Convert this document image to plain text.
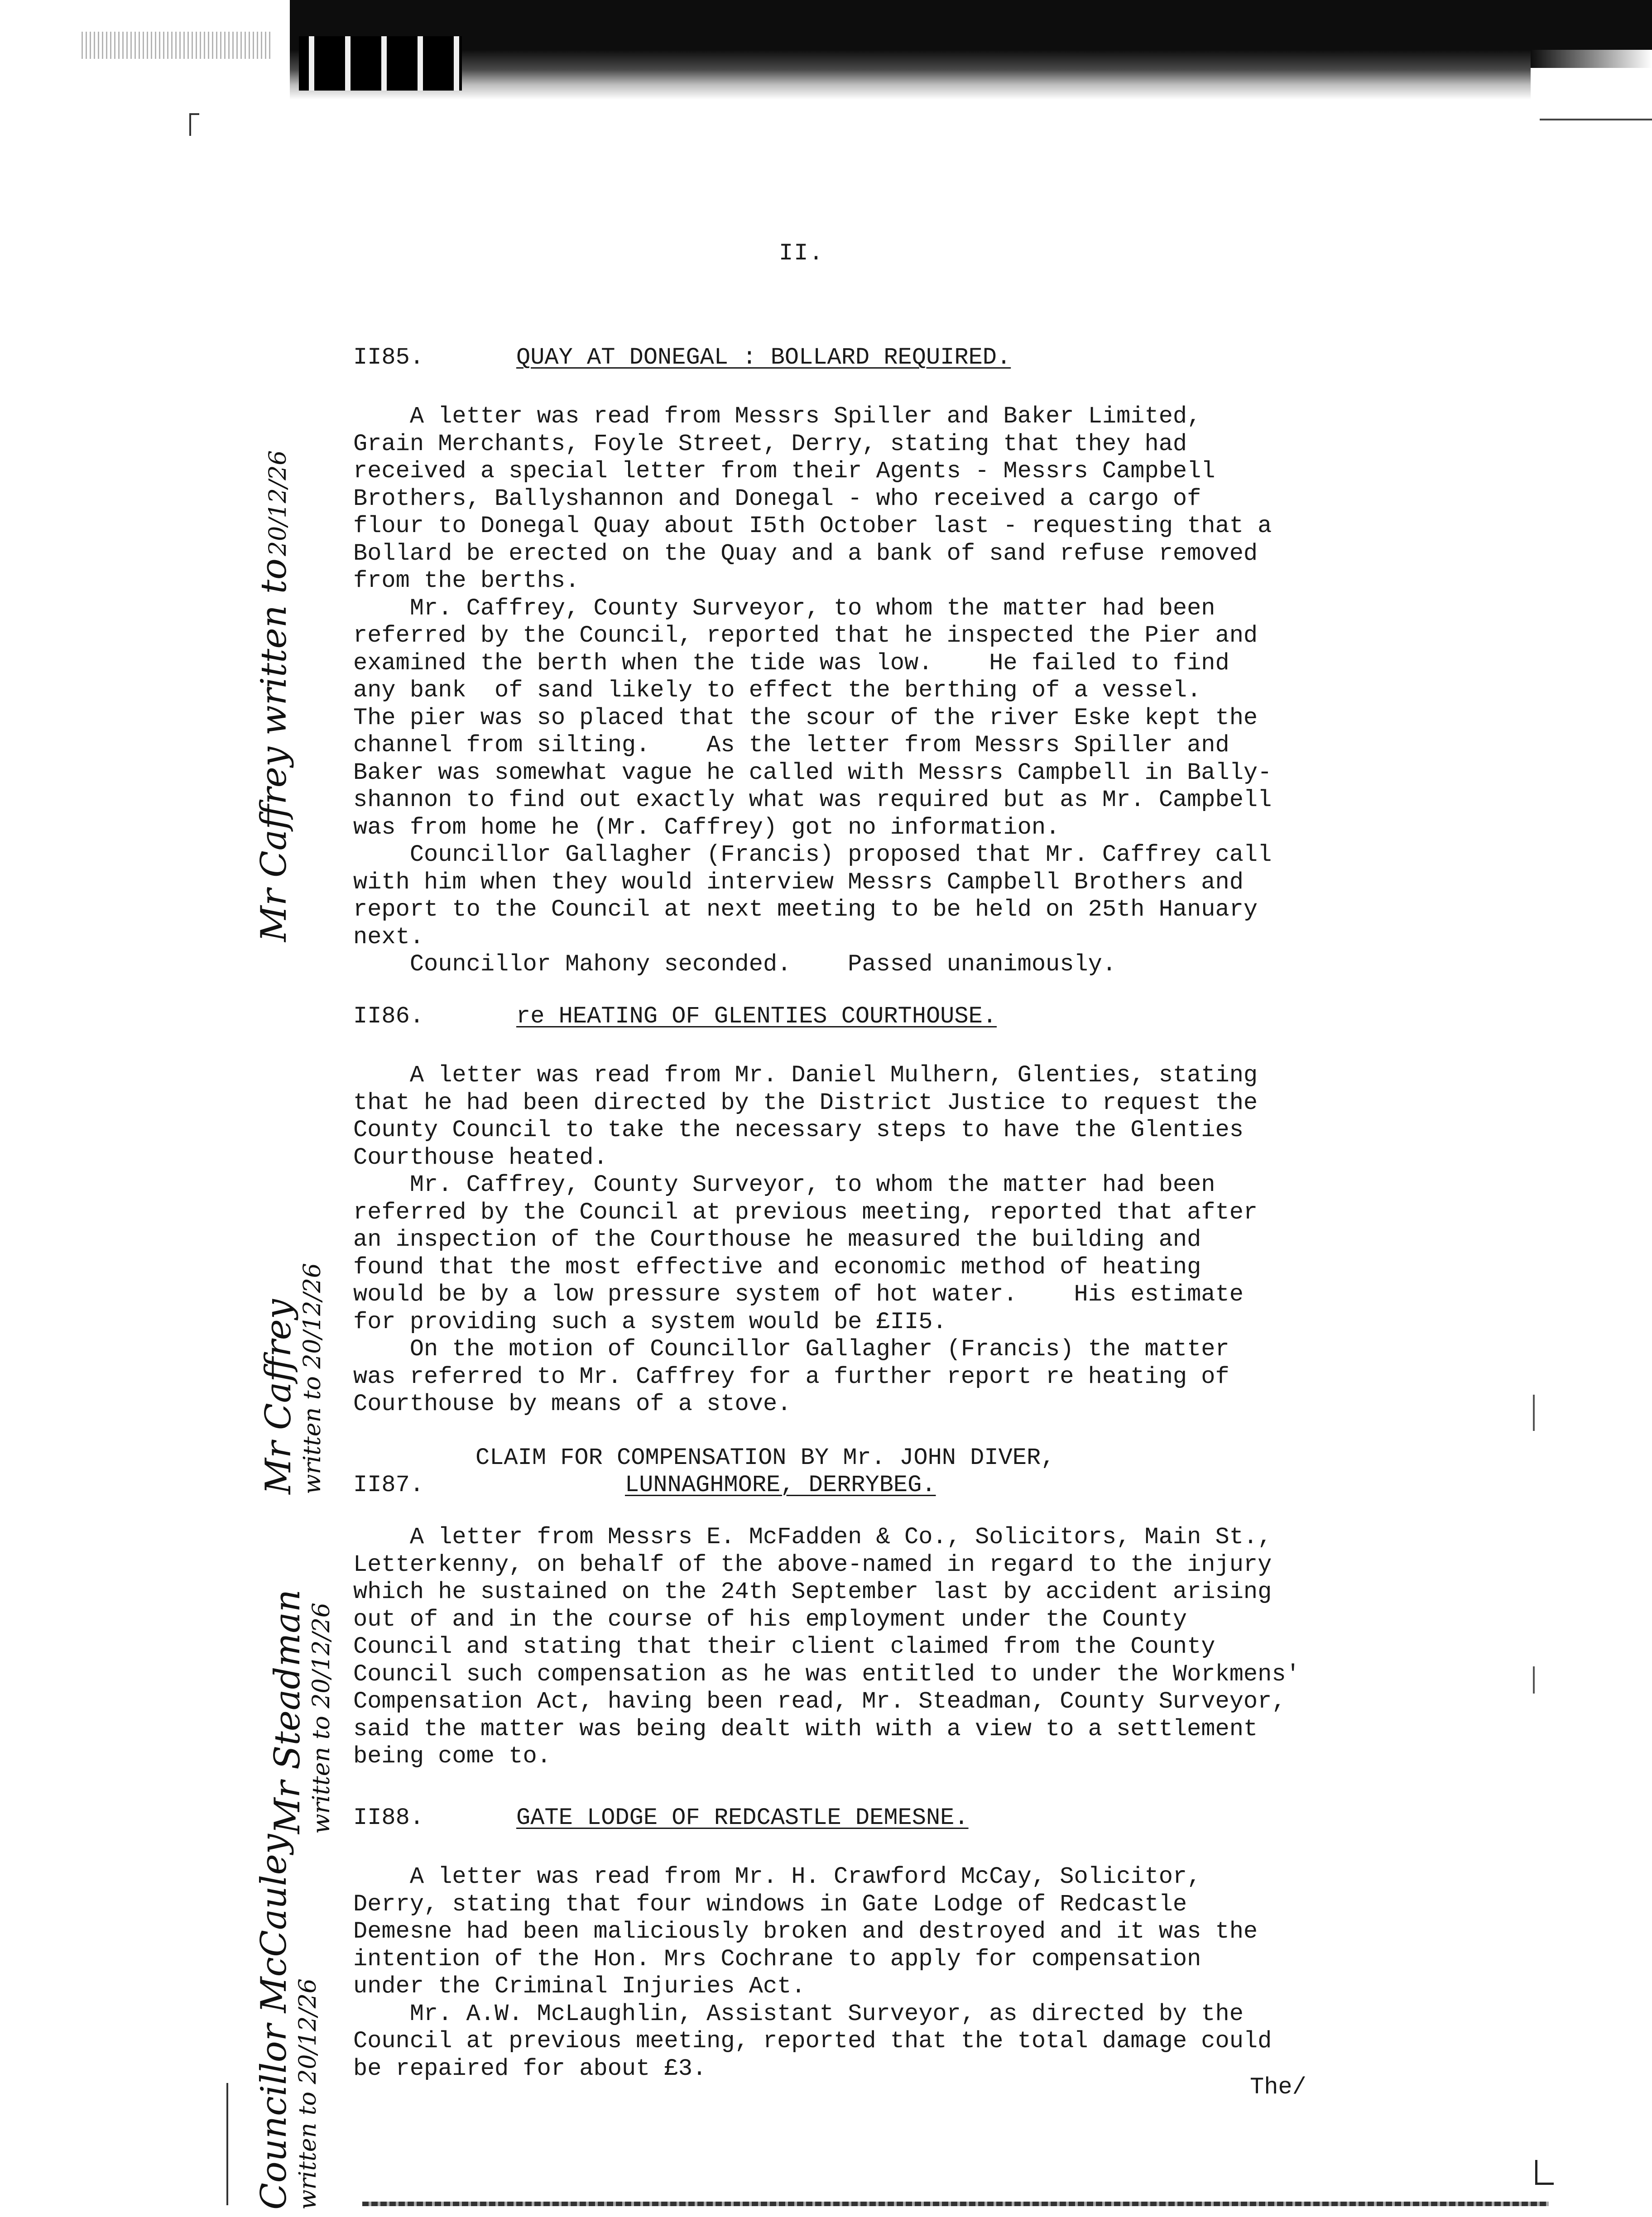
II.
II85.	QUAY AT DONEGAL : BOLLARD REQUIRED.
A letter was read from Messrs Spiller and Baker Limited,
Grain Merchants, Foyle Street, Derry, stating that they had
received a special letter from their Agents - Messrs Campbell
Brothers, Ballyshannon and Donegal - who received a cargo of
flour to Donegal Quay about I5th October last - requesting that a
Bollard be erected on the Quay and a bank of sand refuse removed
from the berths.
Mr. Caffrey, County Surveyor, to whom the matter had been
referred by the Council, reported that he inspected the Pier and
examined the berth when the tide was low.    He failed to find
any bank  of sand likely to effect the berthing of a vessel.
The pier was so placed that the scour of the river Eske kept the
channel from silting.    As the letter from Messrs Spiller and
Baker was somewhat vague he called with Messrs Campbell in Bally-
shannon to find out exactly what was required but as Mr. Campbell
was from home he (Mr. Caffrey) got no information.
Councillor Gallagher (Francis) proposed that Mr. Caffrey call
with him when they would interview Messrs Campbell Brothers and
report to the Council at next meeting to be held on 25th Hanuary
next.
Councillor Mahony seconded.    Passed unanimously.
II86.	re HEATING OF GLENTIES COURTHOUSE.
A letter was read from Mr. Daniel Mulhern, Glenties, stating
that he had been directed by the District Justice to request the
County Council to take the necessary steps to have the Glenties
Courthouse heated.
Mr. Caffrey, County Surveyor, to whom the matter had been
referred by the Council at previous meeting, reported that after
an inspection of the Courthouse he measured the building and
found that the most effective and economic method of heating
would be by a low pressure system of hot water.    His estimate
for providing such a system would be £II5.
On the motion of Councillor Gallagher (Francis) the matter
was referred to Mr. Caffrey for a further report re heating of
Courthouse by means of a stove.
II87.
CLAIM FOR COMPENSATION BY Mr. JOHN DIVER,
LUNNAGHMORE, DERRYBEG.
A letter from Messrs E. McFadden & Co., Solicitors, Main St.,
Letterkenny, on behalf of the above-named in regard to the injury
which he sustained on the 24th September last by accident arising
out of and in the course of his employment under the County
Council and stating that their client claimed from the County
Council such compensation as he was entitled to under the Workmens'
Compensation Act, having been read, Mr. Steadman, County Surveyor,
said the matter was being dealt with with a view to a settlement
being come to.
II88.	GATE LODGE OF REDCASTLE DEMESNE.
A letter was read from Mr. H. Crawford McCay, Solicitor,
Derry, stating that four windows in Gate Lodge of Redcastle
Demesne had been maliciously broken and destroyed and it was the
intention of the Hon. Mrs Cochrane to apply for compensation
under the Criminal Injuries Act.
Mr. A.W. McLaughlin, Assistant Surveyor, as directed by the
Council at previous meeting, reported that the total damage could
be repaired for about £3.
The/
Mr Caffrey written to 20/12/26
Mr Caffrey written to 20/12/26
Mr Steadman written to 20/12/26
Councillor McCauley written to 20/12/26
